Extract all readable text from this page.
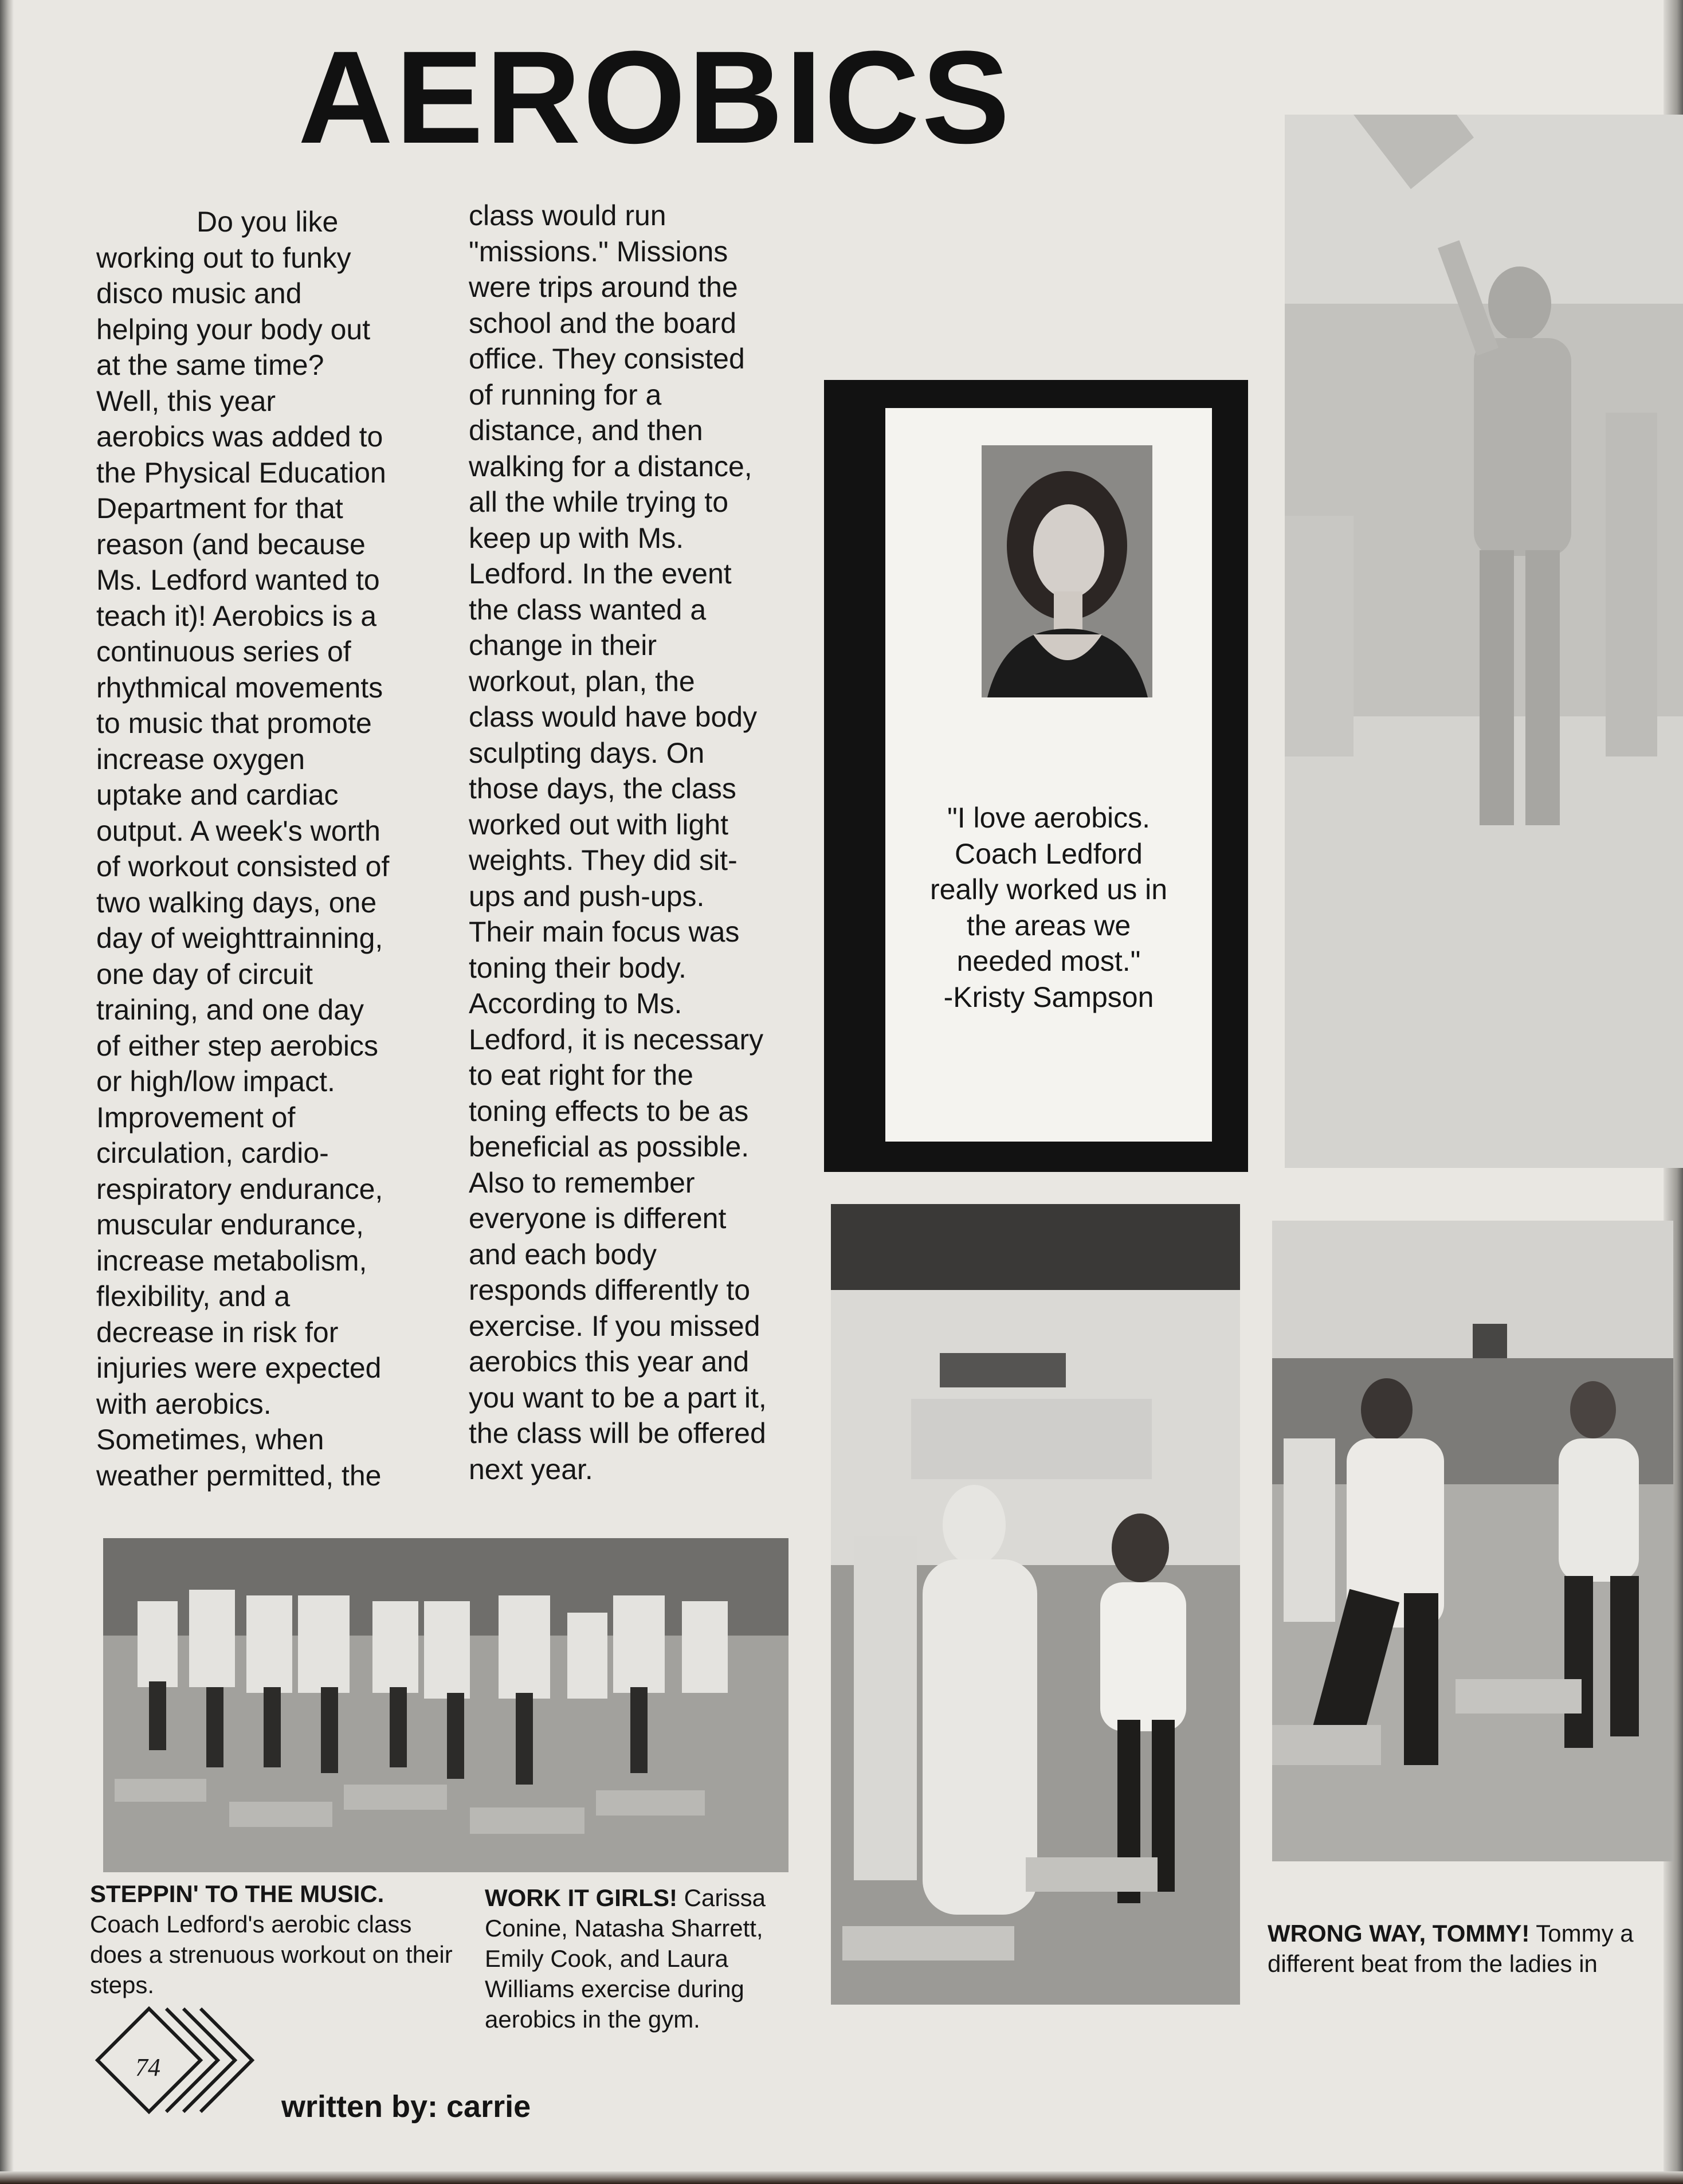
AEROBICS

Do you like
working out to funky
disco music and
helping your body out
at the same time?
Well, this year
aerobics was added to
the Physical Education
Department for that
reason (and because
Ms. Ledford wanted to
teach it)! Aerobics is a
continuous series of
rhythmical movements
to music that promote
increase oxygen
uptake and cardiac
output. A week's worth
of workout consisted of
two walking days, one
day of weighttrainning,
one day of circuit
training, and one day
of either step aerobics
or high/low impact.
Improvement of
circulation, cardio-
respiratory endurance,
muscular endurance,
increase metabolism,
flexibility, and a
decrease in risk for
injuries were expected
with aerobics.
Sometimes, when
weather permitted, the

class would run
"missions." Missions
were trips around the
school and the board
office. They consisted
of running for a
distance, and then
walking for a distance,
all the while trying to
keep up with Ms.
Ledford. In the event
the class wanted a
change in their
workout, plan, the
class would have body
sculpting days. On
those days, the class
worked out with light
weights. They did sit-
ups and push-ups.
Their main focus was
toning their body.
According to Ms.
Ledford, it is necessary
to eat right for the
toning effects to be as
beneficial as possible.
Also to remember
everyone is different
and each body
responds differently to
exercise. If you missed
aerobics this year and
you want to be a part it,
the class will be offered
next year.

"I love aerobics.
Coach Ledford
really worked us in
the areas we
needed most."
-Kristy Sampson

STEPPIN' TO THE MUSIC.
Coach Ledford's aerobic class does a strenuous workout on their steps.

WORK IT GIRLS! Carissa Conine, Natasha Sharrett, Emily Cook, and Laura Williams exercise during aerobics in the gym.

WRONG WAY, TOMMY! Tommy a different beat from the ladies in

74
written by: carrie
